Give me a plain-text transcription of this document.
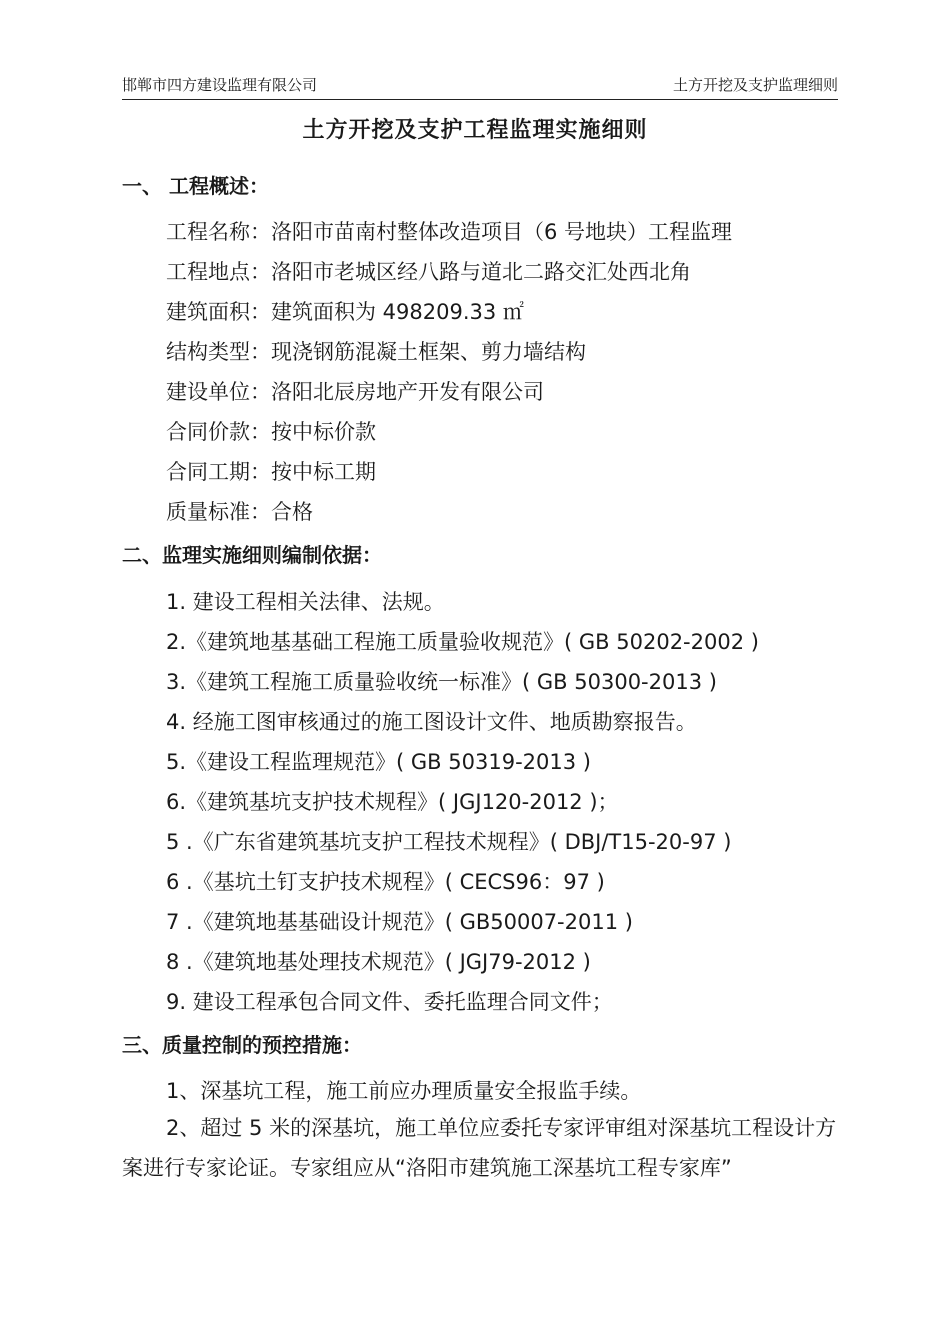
邯郸市四方建设监理有限公司	土方开挖及支护监理细则
土方开挖及支护工程监理实施细则
一、 工程概述：
工程名称：洛阳市苗南村整体改造项目（6 号地块）工程监理
工程地点：洛阳市老城区经八路与道北二路交汇处西北角
建筑面积：建筑面积为 498209.33 ㎡
结构类型：现浇钢筋混凝土框架、剪力墙结构
建设单位：洛阳北辰房地产开发有限公司
合同价款：按中标价款
合同工期：按中标工期
质量标准：合格
二、监理实施细则编制依据：
1. 建设工程相关法律、法规。
2.《建筑地基基础工程施工质量验收规范》( GB 50202-2002 )
3.《建筑工程施工质量验收统一标准》( GB 50300-2013 )
4. 经施工图审核通过的施工图设计文件、地质勘察报告。
5.《建设工程监理规范》( GB 50319-2013 )
6.《建筑基坑支护技术规程》( JGJ120-2012 )；
5 .《广东省建筑基坑支护工程技术规程》( DBJ/T15-20-97 )
6 .《基坑土钉支护技术规程》( CECS96：97 )
7 .《建筑地基基础设计规范》( GB50007-2011 )
8 .《建筑地基处理技术规范》( JGJ79-2012 )
9. 建设工程承包合同文件、委托监理合同文件；
三、质量控制的预控措施：
1、深基坑工程，施工前应办理质量安全报监手续。
2、超过 5 米的深基坑，施工单位应委托专家评审组对深基坑工程设计方案进行专家论证。专家组应从“洛阳市建筑施工深基坑工程专家库”
